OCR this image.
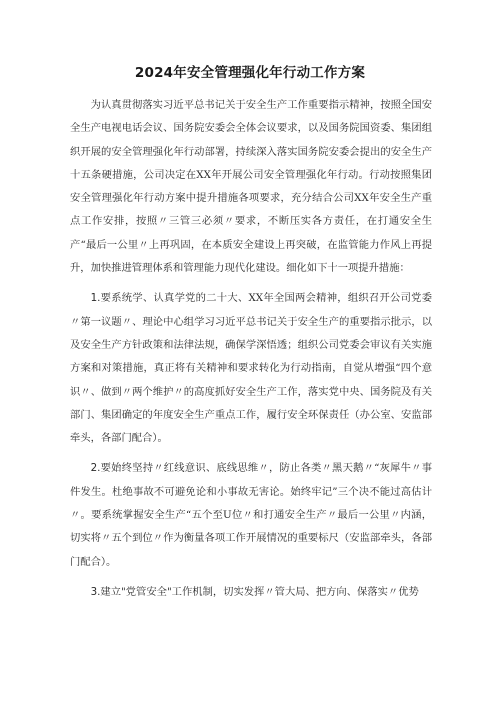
2024年安全管理强化年行动工作方案

为认真贯彻落实习近平总书记关于安全生产工作重要指示精神，按照全国安全生产电视电话会议、国务院安委会全体会议要求，以及国务院国资委、集团组织开展的安全管理强化年行动部署，持续深入落实国务院安委会提出的安全生产十五条硬措施，公司决定在XX年开展公司安全管理强化年行动。行动按照集团安全管理强化年行动方案中提升措施各项要求，充分结合公司XX年安全生产重点工作安排，按照〃三管三必须〃要求，不断压实各方责任，在打通安全生产“最后一公里〃上再巩固，在本质安全建设上再突破，在监管能力作风上再提升，加快推进管理体系和管理能力现代化建设。细化如下十一项提升措施：

1.要系统学、认真学党的二十大、XX年全国两会精神，组织召开公司党委〃第一议题〃、理论中心组学习习近平总书记关于安全生产的重要指示批示，以及安全生产方针政策和法律法规，确保学深悟透；组织公司党委会审议有关实施方案和对策措施，真正将有关精神和要求转化为行动指南，自觉从增强“四个意识〃、做到〃两个维护〃的高度抓好安全生产工作，落实党中央、国务院及有关部门、集团确定的年度安全生产重点工作，履行安全环保责任（办公室、安监部牵头，各部门配合）。

2.要始终坚持〃红线意识、底线思维〃，防止各类〃黑天鹅〃“灰犀牛〃事件发生。杜绝事故不可避免论和小事故无害论。始终牢记”三个决不能过高估计〃。要系统掌握安全生产“五个至U位〃和打通安全生产〃最后一公里〃内涵，切实将〃五个到位〃作为衡量各项工作开展情况的重要标尺（安监部牵头，各部门配合）。

3.建立"党管安全"工作机制，切实发挥〃管大局、把方向、保落实〃优势
